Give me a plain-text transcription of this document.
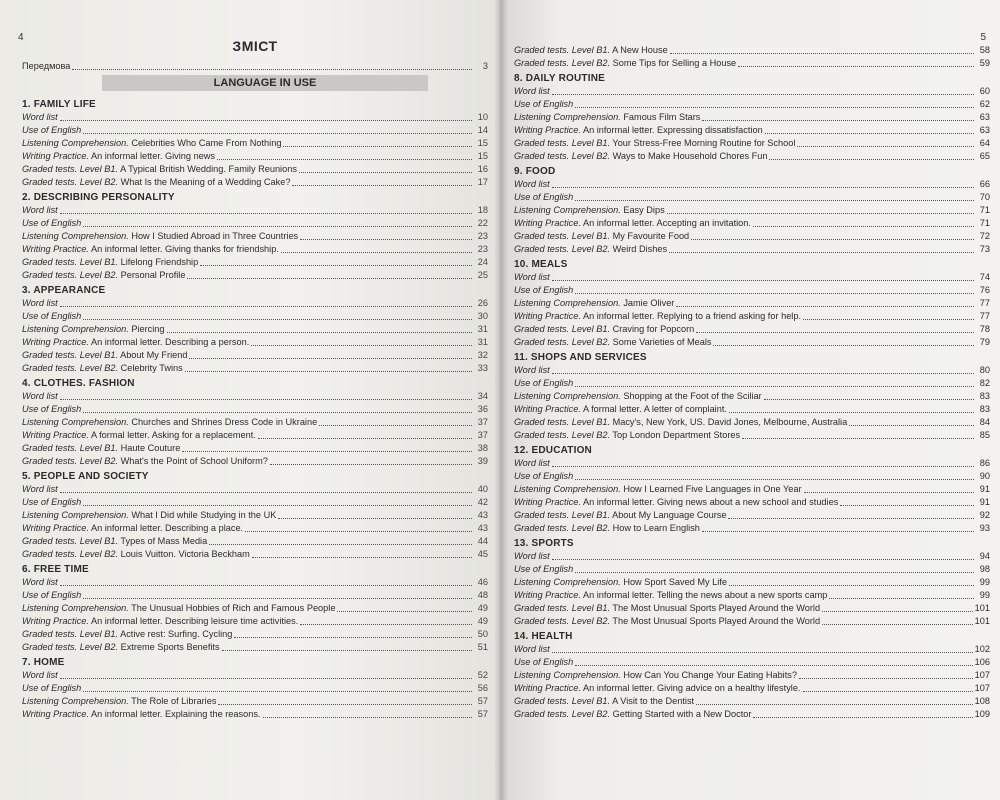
4
ЗМІСТ
Передмова	3
LANGUAGE IN USE
1. FAMILY LIFE
Word list	10
Use of English	14
Listening Comprehension. Celebrities Who Came From Nothing	15
Writing Practice. An informal letter. Giving news	15
Graded tests. Level B1. A Typical British Wedding. Family Reunions	16
Graded tests. Level B2. What Is the Meaning of a Wedding Cake?	17
2. DESCRIBING PERSONALITY
Word list	18
Use of English	22
Listening Comprehension. How I Studied Abroad in Three Countries	23
Writing Practice. An informal letter. Giving thanks for friendship.	23
Graded tests. Level B1. Lifelong Friendship	24
Graded tests. Level B2. Personal Profile	25
3. APPEARANCE
Word list	26
Use of English	30
Listening Comprehension. Piercing	31
Writing Practice. An informal letter. Describing a person.	31
Graded tests. Level B1. About My Friend	32
Graded tests. Level B2. Celebrity Twins	33
4. CLOTHES. FASHION
Word list	34
Use of English	36
Listening Comprehension. Churches and Shrines Dress Code in Ukraine	37
Writing Practice. A formal letter. Asking for a replacement.	37
Graded tests. Level B1. Haute Couture	38
Graded tests. Level B2. What's the Point of School Uniform?	39
5. PEOPLE AND SOCIETY
Word list	40
Use of English	42
Listening Comprehension. What I Did while Studying in the UK	43
Writing Practice. An informal letter. Describing a place.	43
Graded tests. Level B1. Types of Mass Media	44
Graded tests. Level B2. Louis Vuitton. Victoria Beckham	45
6. FREE TIME
Word list	46
Use of English	48
Listening Comprehension. The Unusual Hobbies of Rich and Famous People	49
Writing Practice. An informal letter. Describing leisure time activities.	49
Graded tests. Level B1. Active rest: Surfing. Cycling	50
Graded tests. Level B2. Extreme Sports Benefits	51
7. HOME
Word list	52
Use of English	56
Listening Comprehension. The Role of Libraries	57
Writing Practice. An informal letter. Explaining the reasons.	57
5
Graded tests. Level B1. A New House	58
Graded tests. Level B2. Some Tips for Selling a House	59
8. DAILY ROUTINE
Word list	60
Use of English	62
Listening Comprehension. Famous Film Stars	63
Writing Practice. An informal letter. Expressing dissatisfaction	63
Graded tests. Level B1. Your Stress-Free Morning Routine for School	64
Graded tests. Level B2. Ways to Make Household Chores Fun	65
9. FOOD
Word list	66
Use of English	70
Listening Comprehension. Easy Dips	71
Writing Practice. An informal letter. Accepting an invitation.	71
Graded tests. Level B1. My Favourite Food	72
Graded tests. Level B2. Weird Dishes	73
10. MEALS
Word list	74
Use of English	76
Listening Comprehension. Jamie Oliver	77
Writing Practice. An informal letter. Replying to a friend asking for help.	77
Graded tests. Level B1. Craving for Popcorn	78
Graded tests. Level B2. Some Varieties of Meals	79
11. SHOPS AND SERVICES
Word list	80
Use of English	82
Listening Comprehension. Shopping at the Foot of the Sciliar	83
Writing Practice. A formal letter. A letter of complaint.	83
Graded tests. Level B1. Macy's, New York, US. David Jones, Melbourne, Australia	84
Graded tests. Level B2. Top London Department Stores	85
12. EDUCATION
Word list	86
Use of English	90
Listening Comprehension. How I Learned Five Languages in One Year	91
Writing Practice. An informal letter. Giving news about a new school and studies	91
Graded tests. Level B1. About My Language Course	92
Graded tests. Level B2. How to Learn English	93
13. SPORTS
Word list	94
Use of English	98
Listening Comprehension. How Sport Saved My Life	99
Writing Practice. An informal letter. Telling the news about a new sports camp	99
Graded tests. Level B1. The Most Unusual Sports Played Around the World	101
Graded tests. Level B2. The Most Unusual Sports Played Around the World	101
14. HEALTH
Word list	102
Use of English	106
Listening Comprehension. How Can You Change Your Eating Habits?	107
Writing Practice. An informal letter. Giving advice on a healthy lifestyle.	107
Graded tests. Level B1. A Visit to the Dentist	108
Graded tests. Level B2. Getting Started with a New Doctor	109
